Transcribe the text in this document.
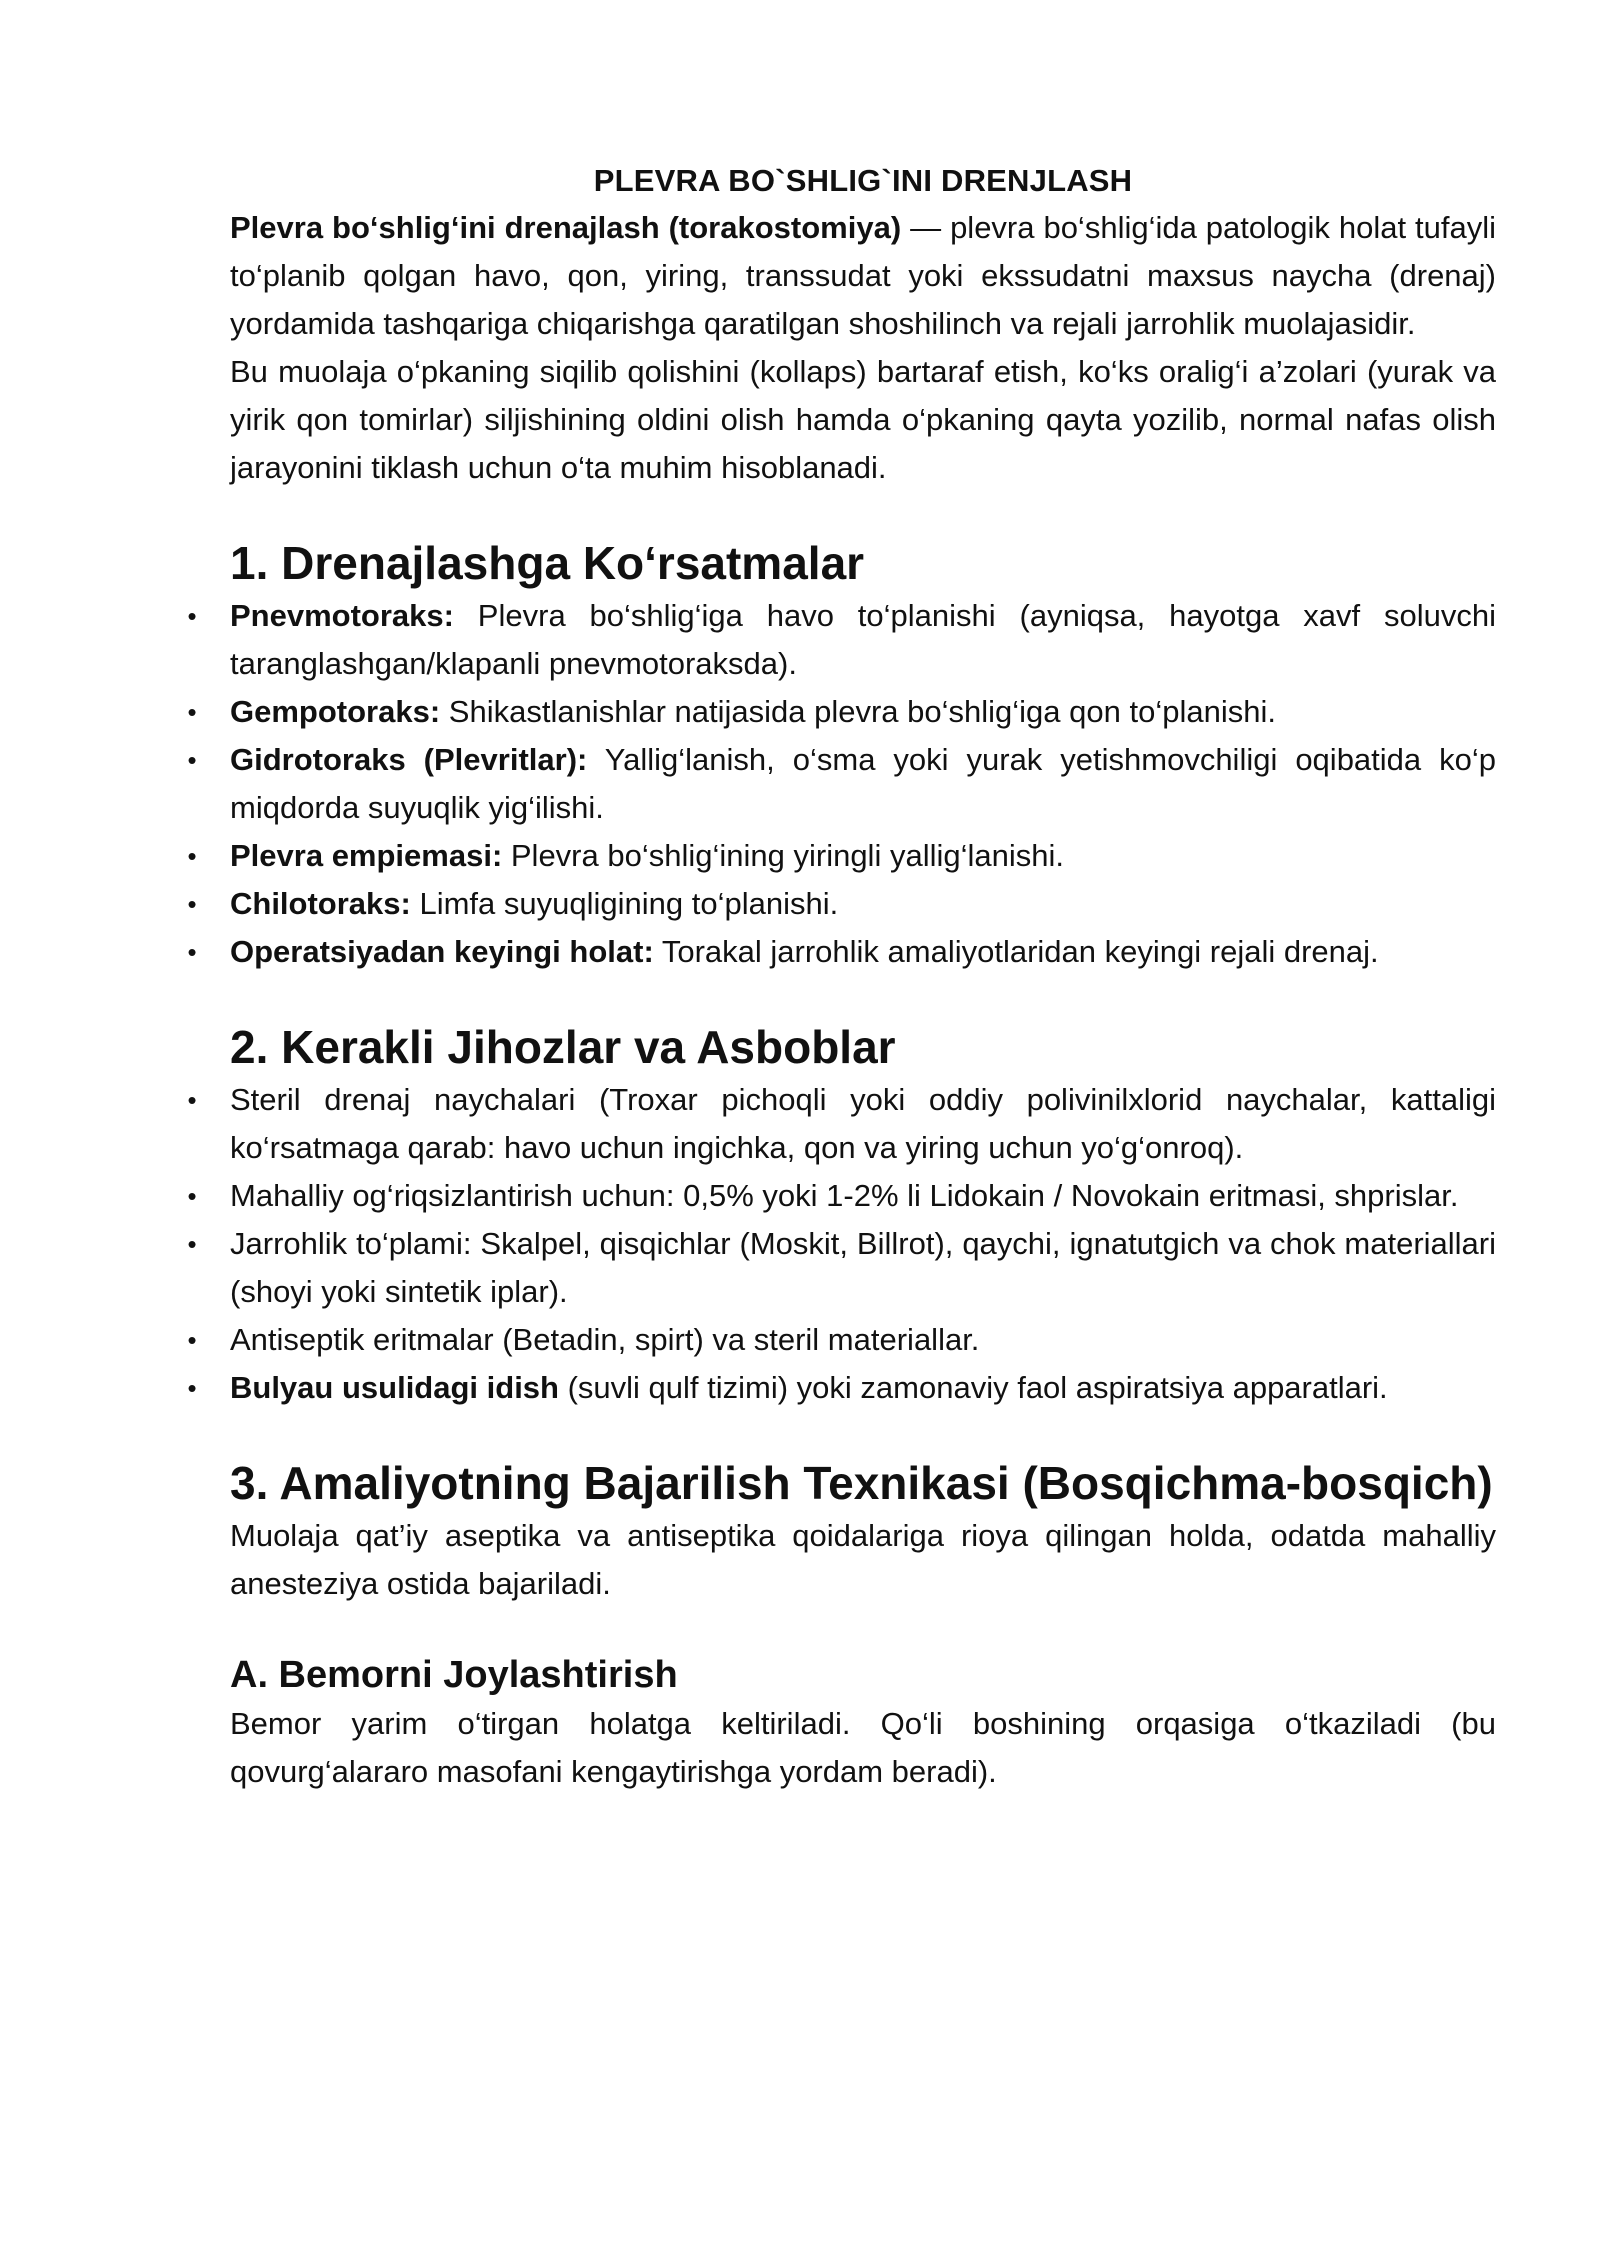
PLEVRA BO`SHLIG`INI DRENJLASH

Plevra bo‘shlig‘ini drenajlash (torakostomiya) — plevra bo‘shlig‘ida patologik holat tufayli to‘planib qolgan havo, qon, yiring, transsudat yoki ekssudatni maxsus naycha (drenaj) yordamida tashqariga chiqarishga qaratilgan shoshilinch va rejali jarrohlik muolajasidir.

Bu muolaja o‘pkaning siqilib qolishini (kollaps) bartaraf etish, ko‘ks oralig‘i a’zolari (yurak va yirik qon tomirlar) siljishining oldini olish hamda o‘pkaning qayta yozilib, normal nafas olish jarayonini tiklash uchun o‘ta muhim hisoblanadi.

1. Drenajlashga Ko‘rsatmalar
• Pnevmotoraks: Plevra bo‘shlig‘iga havo to‘planishi (ayniqsa, hayotga xavf soluvchi taranglashgan/klapanli pnevmotoraksda).
• Gempotoraks: Shikastlanishlar natijasida plevra bo‘shlig‘iga qon to‘planishi.
• Gidrotoraks (Plevritlar): Yallig‘lanish, o‘sma yoki yurak yetishmovchiligi oqibatida ko‘p miqdorda suyuqlik yig‘ilishi.
• Plevra empiemasi: Plevra bo‘shlig‘ining yiringli yallig‘lanishi.
• Chilotoraks: Limfa suyuqligining to‘planishi.
• Operatsiyadan keyingi holat: Torakal jarrohlik amaliyotlaridan keyingi rejali drenaj.
2. Kerakli Jihozlar va Asboblar
• Steril drenaj naychalari (Troxar pichoqli yoki oddiy polivinilxlorid naychalar, kattaligi ko‘rsatmaga qarab: havo uchun ingichka, qon va yiring uchun yo‘g‘onroq).
• Mahalliy og‘riqsizlantirish uchun: 0,5% yoki 1-2% li Lidokain / Novokain eritmasi, shprislar.
• Jarrohlik to‘plami: Skalpel, qisqichlar (Moskit, Billrot), qaychi, ignatutgich va chok materiallari (shoyi yoki sintetik iplar).
• Antiseptik eritmalar (Betadin, spirt) va steril materiallar.
• Bulyau usulidagi idish (suvli qulf tizimi) yoki zamonaviy faol aspiratsiya apparatlari.
3. Amaliyotning Bajarilish Texnikasi (Bosqichma-bosqich)

Muolaja qat’iy aseptika va antiseptika qoidalariga rioya qilingan holda, odatda mahalliy anesteziya ostida bajariladi.

A. Bemorni Joylashtirish

Bemor yarim o‘tirgan holatga keltiriladi. Qo‘li boshining orqasiga o‘tkaziladi (bu qovurg‘alararo masofani kengaytirishga yordam beradi).
